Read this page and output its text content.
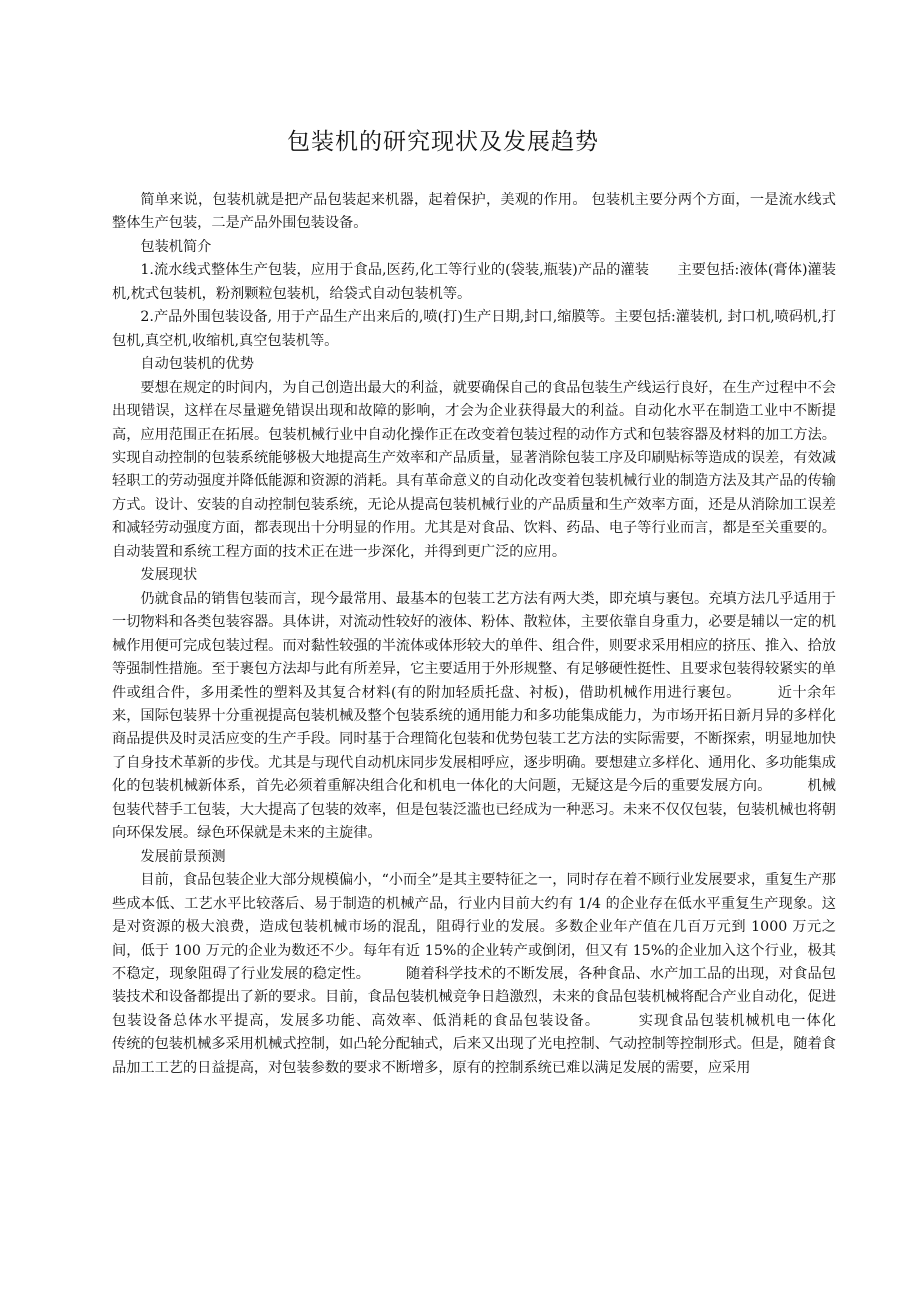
包装机的研究现状及发展趋势

简单来说，包装机就是把产品包装起来机器，起着保护，美观的作用。 包装机主要分两个方面，一是流水线式整体生产包装，二是产品外围包装设备。

包装机简介

1.流水线式整体生产包装，应用于食品,医药,化工等行业的(袋装,瓶装)产品的灌装　　主要包括:液体(膏体)灌装机,枕式包装机，粉剂颗粒包装机，给袋式自动包装机等。

2.产品外围包装设备, 用于产品生产出来后的,喷(打)生产日期,封口,缩膜等。主要包括:灌装机, 封口机,喷码机,打包机,真空机,收缩机,真空包装机等。

自动包装机的优势

要想在规定的时间内，为自己创造出最大的利益，就要确保自己的食品包装生产线运行良好，在生产过程中不会出现错误，这样在尽量避免错误出现和故障的影响，才会为企业获得最大的利益。自动化水平在制造工业中不断提高，应用范围正在拓展。包装机械行业中自动化操作正在改变着包装过程的动作方式和包装容器及材料的加工方法。实现自动控制的包装系统能够极大地提高生产效率和产品质量，显著消除包装工序及印刷贴标等造成的误差，有效减轻职工的劳动强度并降低能源和资源的消耗。具有革命意义的自动化改变着包装机械行业的制造方法及其产品的传输方式。设计、安装的自动控制包装系统，无论从提高包装机械行业的产品质量和生产效率方面，还是从消除加工误差和减轻劳动强度方面，都表现出十分明显的作用。尤其是对食品、饮料、药品、电子等行业而言，都是至关重要的。自动装置和系统工程方面的技术正在进一步深化，并得到更广泛的应用。

发展现状

仍就食品的销售包装而言，现今最常用、最基本的包装工艺方法有两大类，即充填与裹包。充填方法几乎适用于一切物料和各类包装容器。具体讲，对流动性较好的液体、粉体、散粒体，主要依靠自身重力，必要是辅以一定的机械作用便可完成包装过程。而对黏性较强的半流体或体形较大的单件、组合件，则要求采用相应的挤压、推入、拾放等强制性措施。至于裹包方法却与此有所差异，它主要适用于外形规整、有足够硬性挺性、且要求包装得较紧实的单件或组合件，多用柔性的塑料及其复合材料(有的附加轻质托盘、衬板)，借助机械作用进行裹包。　　　近十余年来，国际包装界十分重视提高包装机械及整个包装系统的通用能力和多功能集成能力，为市场开拓日新月异的多样化商品提供及时灵活应变的生产手段。同时基于合理简化包装和优势包装工艺方法的实际需要，不断探索，明显地加快了自身技术革新的步伐。尤其是与现代自动机床同步发展相呼应，逐步明确。要想建立多样化、通用化、多功能集成化的包装机械新体系，首先必须着重解决组合化和机电一体化的大问题，无疑这是今后的重要发展方向。　　　机械包装代替手工包装，大大提高了包装的效率，但是包装泛滥也已经成为一种恶习。未来不仅仅包装，包装机械也将朝向环保发展。绿色环保就是未来的主旋律。

发展前景预测

目前，食品包装企业大部分规模偏小，“小而全”是其主要特征之一，同时存在着不顾行业发展要求，重复生产那些成本低、工艺水平比较落后、易于制造的机械产品，行业内目前大约有 1/4 的企业存在低水平重复生产现象。这是对资源的极大浪费，造成包装机械市场的混乱，阻碍行业的发展。多数企业年产值在几百万元到 1000 万元之间，低于 100 万元的企业为数还不少。每年有近 15%的企业转产或倒闭，但又有 15%的企业加入这个行业，极其不稳定，现象阻碍了行业发展的稳定性。　　　随着科学技术的不断发展，各种食品、水产加工品的出现，对食品包装技术和设备都提出了新的要求。目前，食品包装机械竞争日趋激烈，未来的食品包装机械将配合产业自动化，促进包装设备总体水平提高，发展多功能、高效率、低消耗的食品包装设备。　　　实现食品包装机械机电一体化　　　传统的包装机械多采用机械式控制，如凸轮分配轴式，后来又出现了光电控制、气动控制等控制形式。但是，随着食品加工工艺的日益提高，对包装参数的要求不断增多，原有的控制系统已难以满足发展的需要，应采用
